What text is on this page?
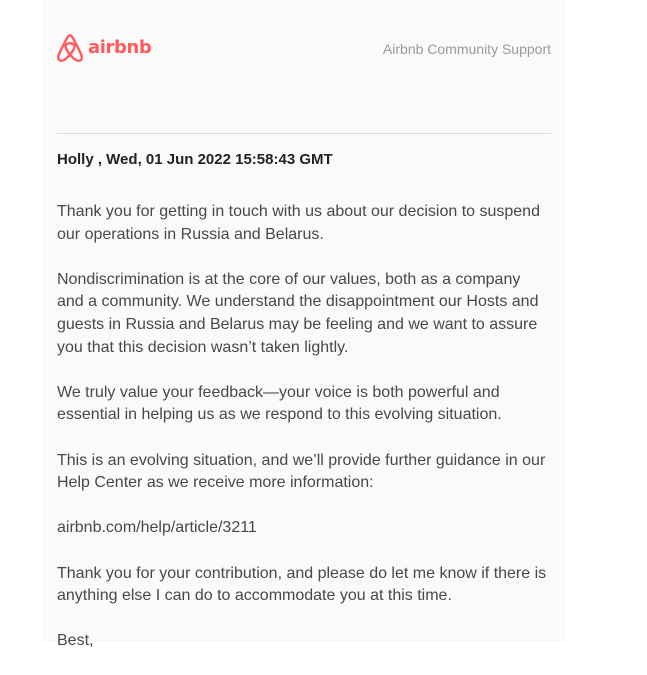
airbnb	Airbnb Community Support
Holly , Wed, 01 Jun 2022 15:58:43 GMT

Thank you for getting in touch with us about our decision to suspend our operations in Russia and Belarus.

Nondiscrimination is at the core of our values, both as a company and a community. We understand the disappointment our Hosts and guests in Russia and Belarus may be feeling and we want to assure you that this decision wasn’t taken lightly.

We truly value your feedback—your voice is both powerful and essential in helping us as we respond to this evolving situation.

This is an evolving situation, and we’ll provide further guidance in our Help Center as we receive more information:

airbnb.com/help/article/3211

Thank you for your contribution, and please do let me know if there is anything else I can do to accommodate you at this time.

Best,
